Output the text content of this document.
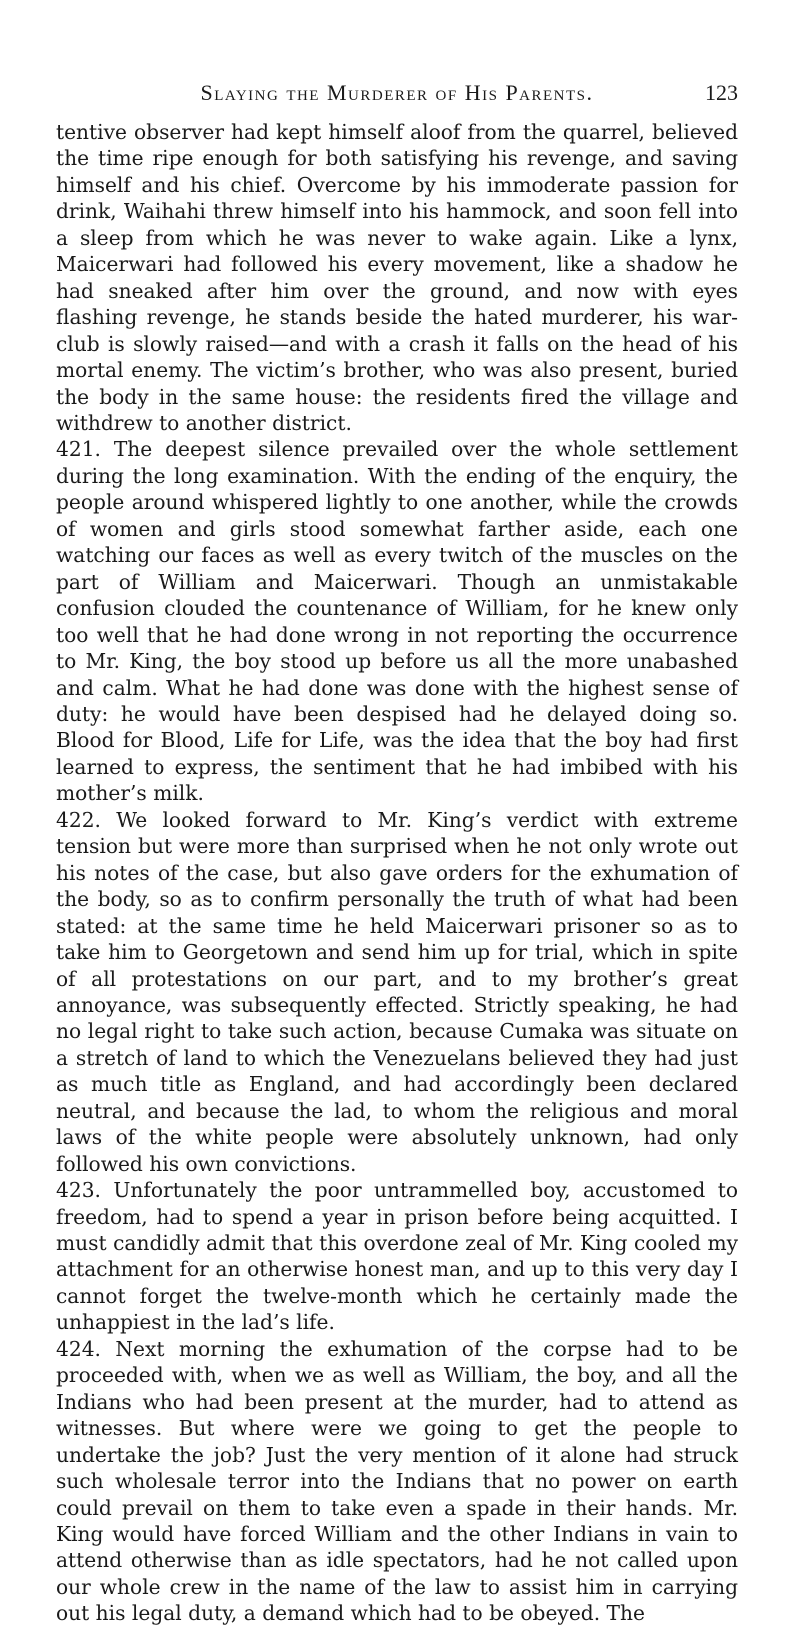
Slaying the Murderer of His Parents.	123

tentive observer had kept himself aloof from the quarrel, believed the time ripe enough for both satisfying his revenge, and saving himself and his chief. Overcome by his immoderate passion for drink, Waihahi threw himself into his hammock, and soon fell into a sleep from which he was never to wake again. Like a lynx, Maicerwari had followed his every movement, like a shadow he had sneaked after him over the ground, and now with eyes flashing revenge, he stands beside the hated murderer, his war-club is slowly raised—and with a crash it falls on the head of his mortal enemy. The victim’s brother, who was also present, buried the body in the same house: the residents fired the village and withdrew to another district.

421. The deepest silence prevailed over the whole settlement during the long examination. With the ending of the enquiry, the people around whispered lightly to one another, while the crowds of women and girls stood somewhat farther aside, each one watching our faces as well as every twitch of the muscles on the part of William and Maicerwari. Though an unmistakable confusion clouded the countenance of William, for he knew only too well that he had done wrong in not reporting the occurrence to Mr. King, the boy stood up before us all the more unabashed and calm. What he had done was done with the highest sense of duty: he would have been despised had he delayed doing so. Blood for Blood, Life for Life, was the idea that the boy had first learned to express, the sentiment that he had imbibed with his mother’s milk.

422. We looked forward to Mr. King’s verdict with extreme tension but were more than surprised when he not only wrote out his notes of the case, but also gave orders for the exhumation of the body, so as to confirm personally the truth of what had been stated: at the same time he held Maicerwari prisoner so as to take him to Georgetown and send him up for trial, which in spite of all protestations on our part, and to my brother’s great annoyance, was subsequently effected. Strictly speaking, he had no legal right to take such action, because Cumaka was situate on a stretch of land to which the Venezuelans believed they had just as much title as England, and had accordingly been declared neutral, and because the lad, to whom the religious and moral laws of the white people were absolutely unknown, had only followed his own convictions.

423. Unfortunately the poor untrammelled boy, accustomed to freedom, had to spend a year in prison before being acquitted. I must candidly admit that this overdone zeal of Mr. King cooled my attachment for an otherwise honest man, and up to this very day I cannot forget the twelve-month which he certainly made the unhappiest in the lad’s life.

424. Next morning the exhumation of the corpse had to be proceeded with, when we as well as William, the boy, and all the Indians who had been present at the murder, had to attend as witnesses. But where were we going to get the people to undertake the job? Just the very mention of it alone had struck such wholesale terror into the Indians that no power on earth could prevail on them to take even a spade in their hands. Mr. King would have forced William and the other Indians in vain to attend otherwise than as idle spectators, had he not called upon our whole crew in the name of the law to assist him in carrying out his legal duty, a demand which had to be obeyed. The
